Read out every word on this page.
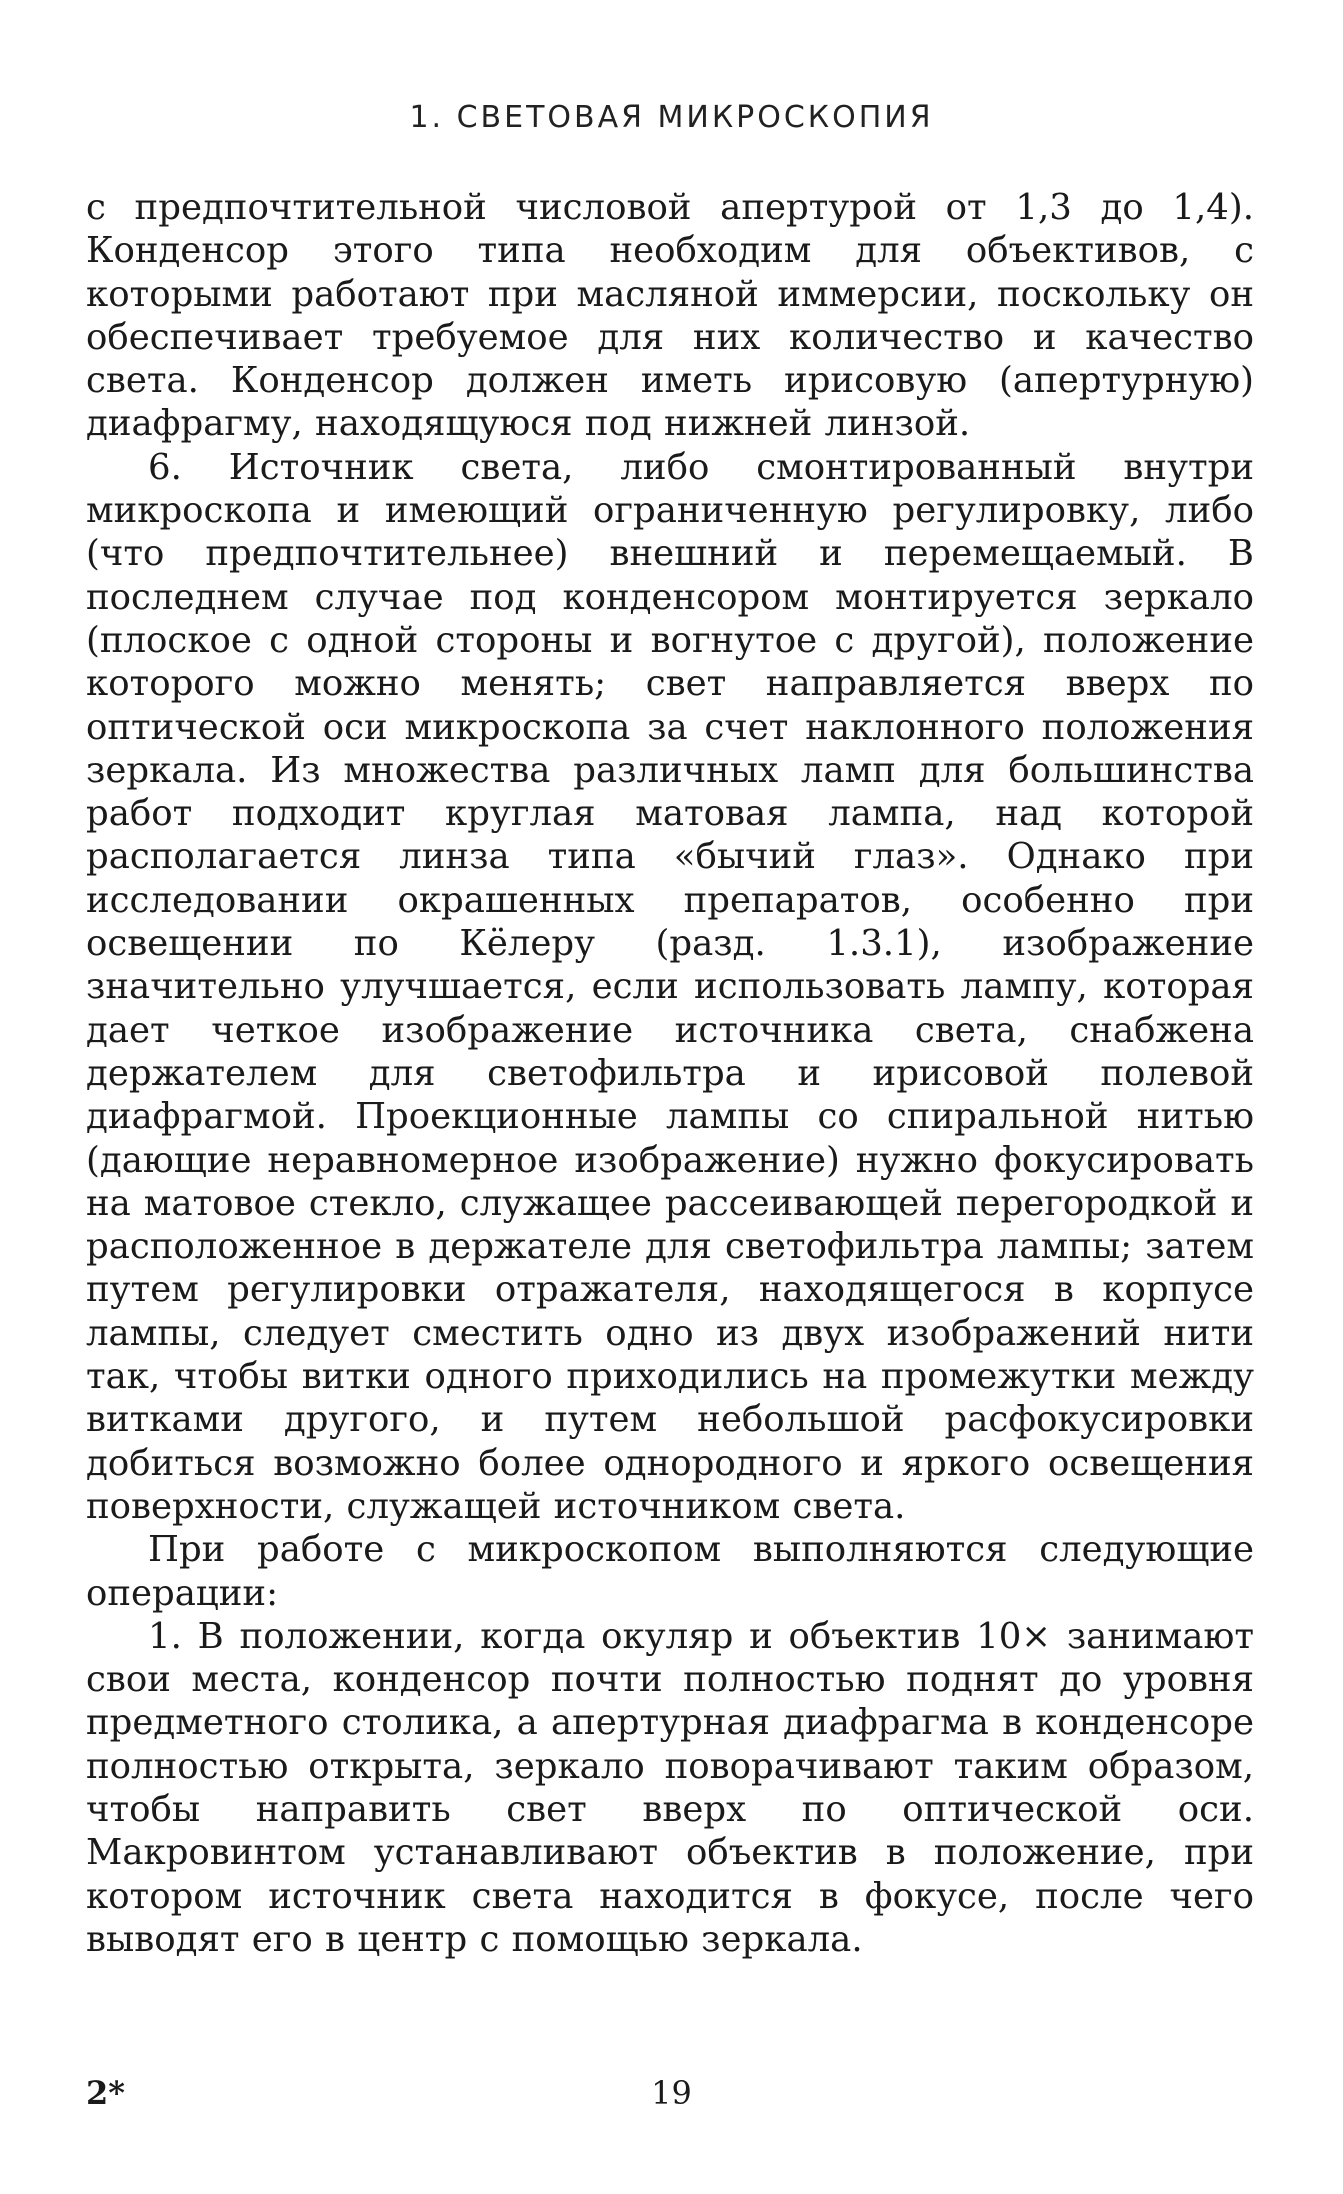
1. СВЕТОВАЯ МИКРОСКОПИЯ

с предпочтительной числовой апертурой от 1,3 до 1,4). Конденсор этого типа необходим для объективов, с которыми работают при масляной иммерсии, поскольку он обеспечивает требуемое для них количество и качество света. Конденсор должен иметь ирисовую (апертурную) диафрагму, находящуюся под нижней линзой.

6. Источник света, либо смонтированный внутри микроскопа и имеющий ограниченную регулировку, либо (что предпочтительнее) внешний и перемещаемый. В последнем случае под конденсором монтируется зеркало (плоское с одной стороны и вогнутое с другой), положение которого можно менять; свет направляется вверх по оптической оси микроскопа за счет наклонного положения зеркала. Из множества различных ламп для большинства работ подходит круглая матовая лампа, над которой располагается линза типа «бычий глаз». Однако при исследовании окрашенных препаратов, особенно при освещении по Кёлеру (разд. 1.3.1), изображение значительно улучшается, если использовать лампу, которая дает четкое изображение источника света, снабжена держателем для светофильтра и ирисовой полевой диафрагмой. Проекционные лампы со спиральной нитью (дающие неравномерное изображение) нужно фокусировать на матовое стекло, служащее рассеивающей перегородкой и расположенное в держателе для светофильтра лампы; затем путем регулировки отражателя, находящегося в корпусе лампы, следует сместить одно из двух изображений нити так, чтобы витки одного приходились на промежутки между витками другого, и путем небольшой расфокусировки добиться возможно более однородного и яркого освещения поверхности, служащей источником света.

При работе с микроскопом выполняются следующие операции:

1. В положении, когда окуляр и объектив 10× занимают свои места, конденсор почти полностью поднят до уровня предметного столика, а апертурная диафрагма в конденсоре полностью открыта, зеркало поворачивают таким образом, чтобы направить свет вверх по оптической оси. Макровинтом устанавливают объектив в положение, при котором источник света находится в фокусе, после чего выводят его в центр с помощью зеркала.

2*	19
